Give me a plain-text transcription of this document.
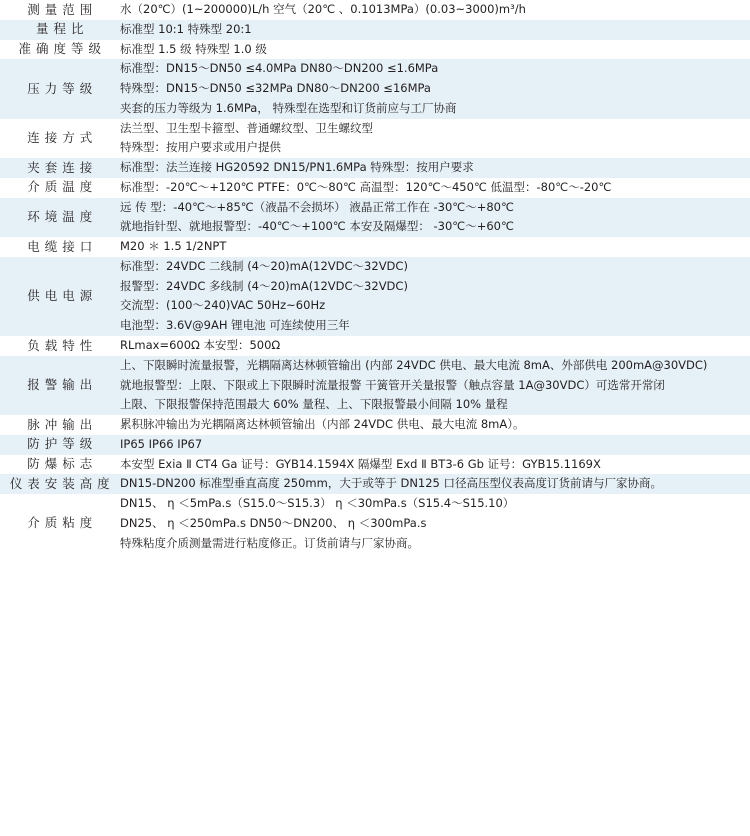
测 量 范 围	水（20℃）(1~200000)L/h 空气（20℃ 、0.1013MPa）(0.03~3000)m³/h

量 程 比	标准型 10:1 特殊型 20:1

准 确 度 等 级	标准型 1.5 级 特殊型 1.0 级

压 力 等 级	标准型：DN15～DN50 ≤4.0MPa DN80～DN200 ≤1.6MPa
特殊型：DN15～DN50 ≤32MPa DN80～DN200 ≤16MPa
夹套的压力等级为 1.6MPa， 特殊型在选型和订货前应与工厂协商

连 接 方 式	法兰型、卫生型卡箍型、普通螺纹型、卫生螺纹型
特殊型：按用户要求或用户提供

夹 套 连 接	标准型：法兰连接 HG20592 DN15/PN1.6MPa 特殊型：按用户要求

介 质 温 度	标准型：-20℃～+120℃ PTFE：0℃～80℃ 高温型：120℃～450℃ 低温型：-80℃～-20℃

环 境 温 度	远 传 型：-40℃～+85℃（液晶不会损坏） 液晶正常工作在 -30℃～+80℃
就地指针型、就地报警型：-40℃～+100℃ 本安及隔爆型： -30℃～+60℃

电 缆 接 口	M20 ＊ 1.5 1/2NPT

供 电 电 源	标准型：24VDC 二线制 (4～20)mA(12VDC～32VDC)
报警型：24VDC 多线制 (4～20)mA(12VDC～32VDC)
交流型：(100～240)VAC 50Hz~60Hz
电池型：3.6V@9AH 锂电池 可连续使用三年

负 载 特 性	RLmax=600Ω 本安型：500Ω

报 警 输 出	上、下限瞬时流量报警，光耦隔离达林顿管输出 (内部 24VDC 供电、最大电流 8mA、外部供电 200mA@30VDC)
就地报警型：上限、下限或上下限瞬时流量报警 干簧管开关量报警（触点容量 1A@30VDC）可选常开常闭
上限、下限报警保持范围最大 60% 量程、上、下限报警最小间隔 10% 量程

脉 冲 输 出	累积脉冲输出为光耦隔离达林顿管输出（内部 24VDC 供电、最大电流 8mA）。

防 护 等 级	IP65 IP66 IP67

防 爆 标 志	本安型 Exia Ⅱ CT4 Ga 证号：GYB14.1594X 隔爆型 Exd Ⅱ BT3-6 Gb 证号：GYB15.1169X

仪 表 安 装 高 度	DN15-DN200 标准型垂直高度 250mm，大于或等于 DN125 口径高压型仪表高度订货前请与厂家协商。

介 质 粘 度	DN15、 η ＜5mPa.s（S15.0～S15.3） η ＜30mPa.s（S15.4～S15.10）
DN25、 η ＜250mPa.s DN50～DN200、 η ＜300mPa.s
特殊粘度介质测量需进行粘度修正。订货前请与厂家协商。
